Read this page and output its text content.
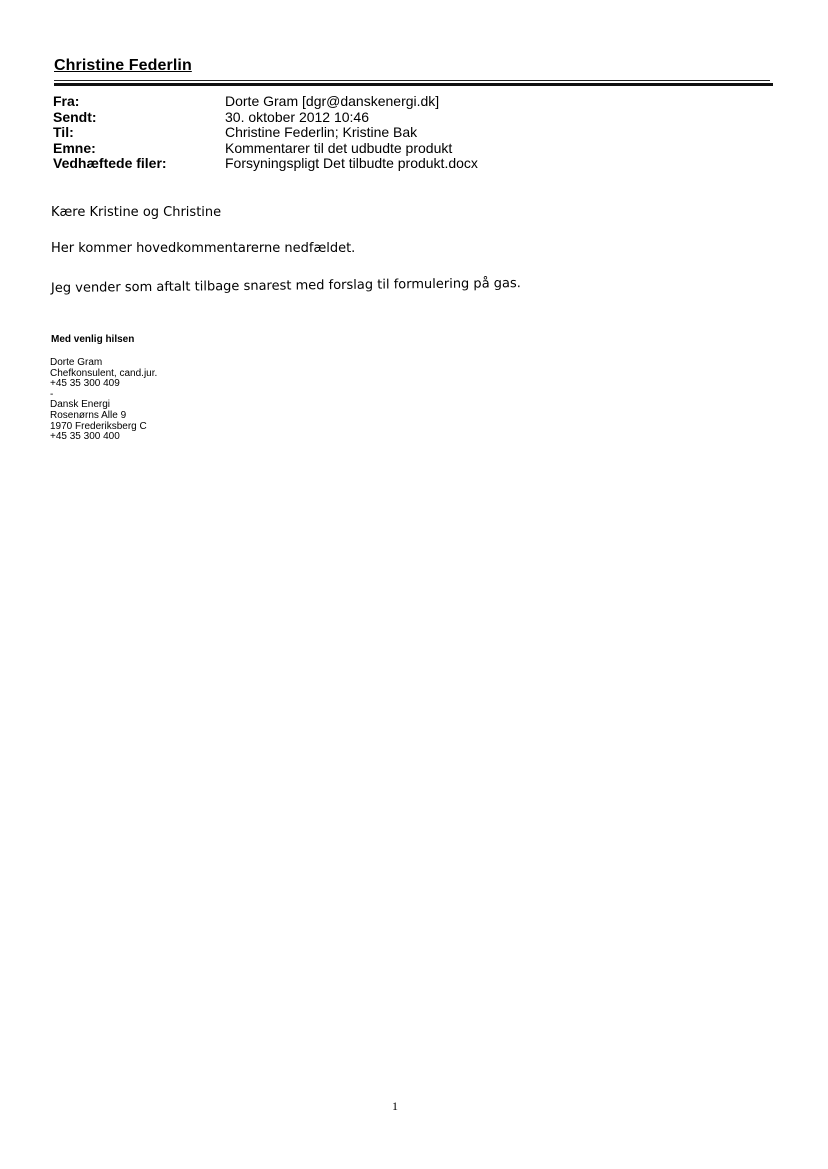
Christine Federlin
Fra:	Dorte Gram [dgr@danskenergi.dk]
Sendt:	30. oktober 2012 10:46
Til:	Christine Federlin; Kristine Bak
Emne:	Kommentarer til det udbudte produkt
Vedhæftede filer:	Forsyningspligt Det tilbudte produkt.docx
Kære Kristine og Christine
Her kommer hovedkommentarerne nedfældet.
Jeg vender som aftalt tilbage snarest med forslag til formulering på gas.
Med venlig hilsen
Dorte Gram
Chefkonsulent, cand.jur.
+45 35 300 409
-
Dansk Energi
Rosenørns Alle 9
1970 Frederiksberg C
+45 35 300 400
1
